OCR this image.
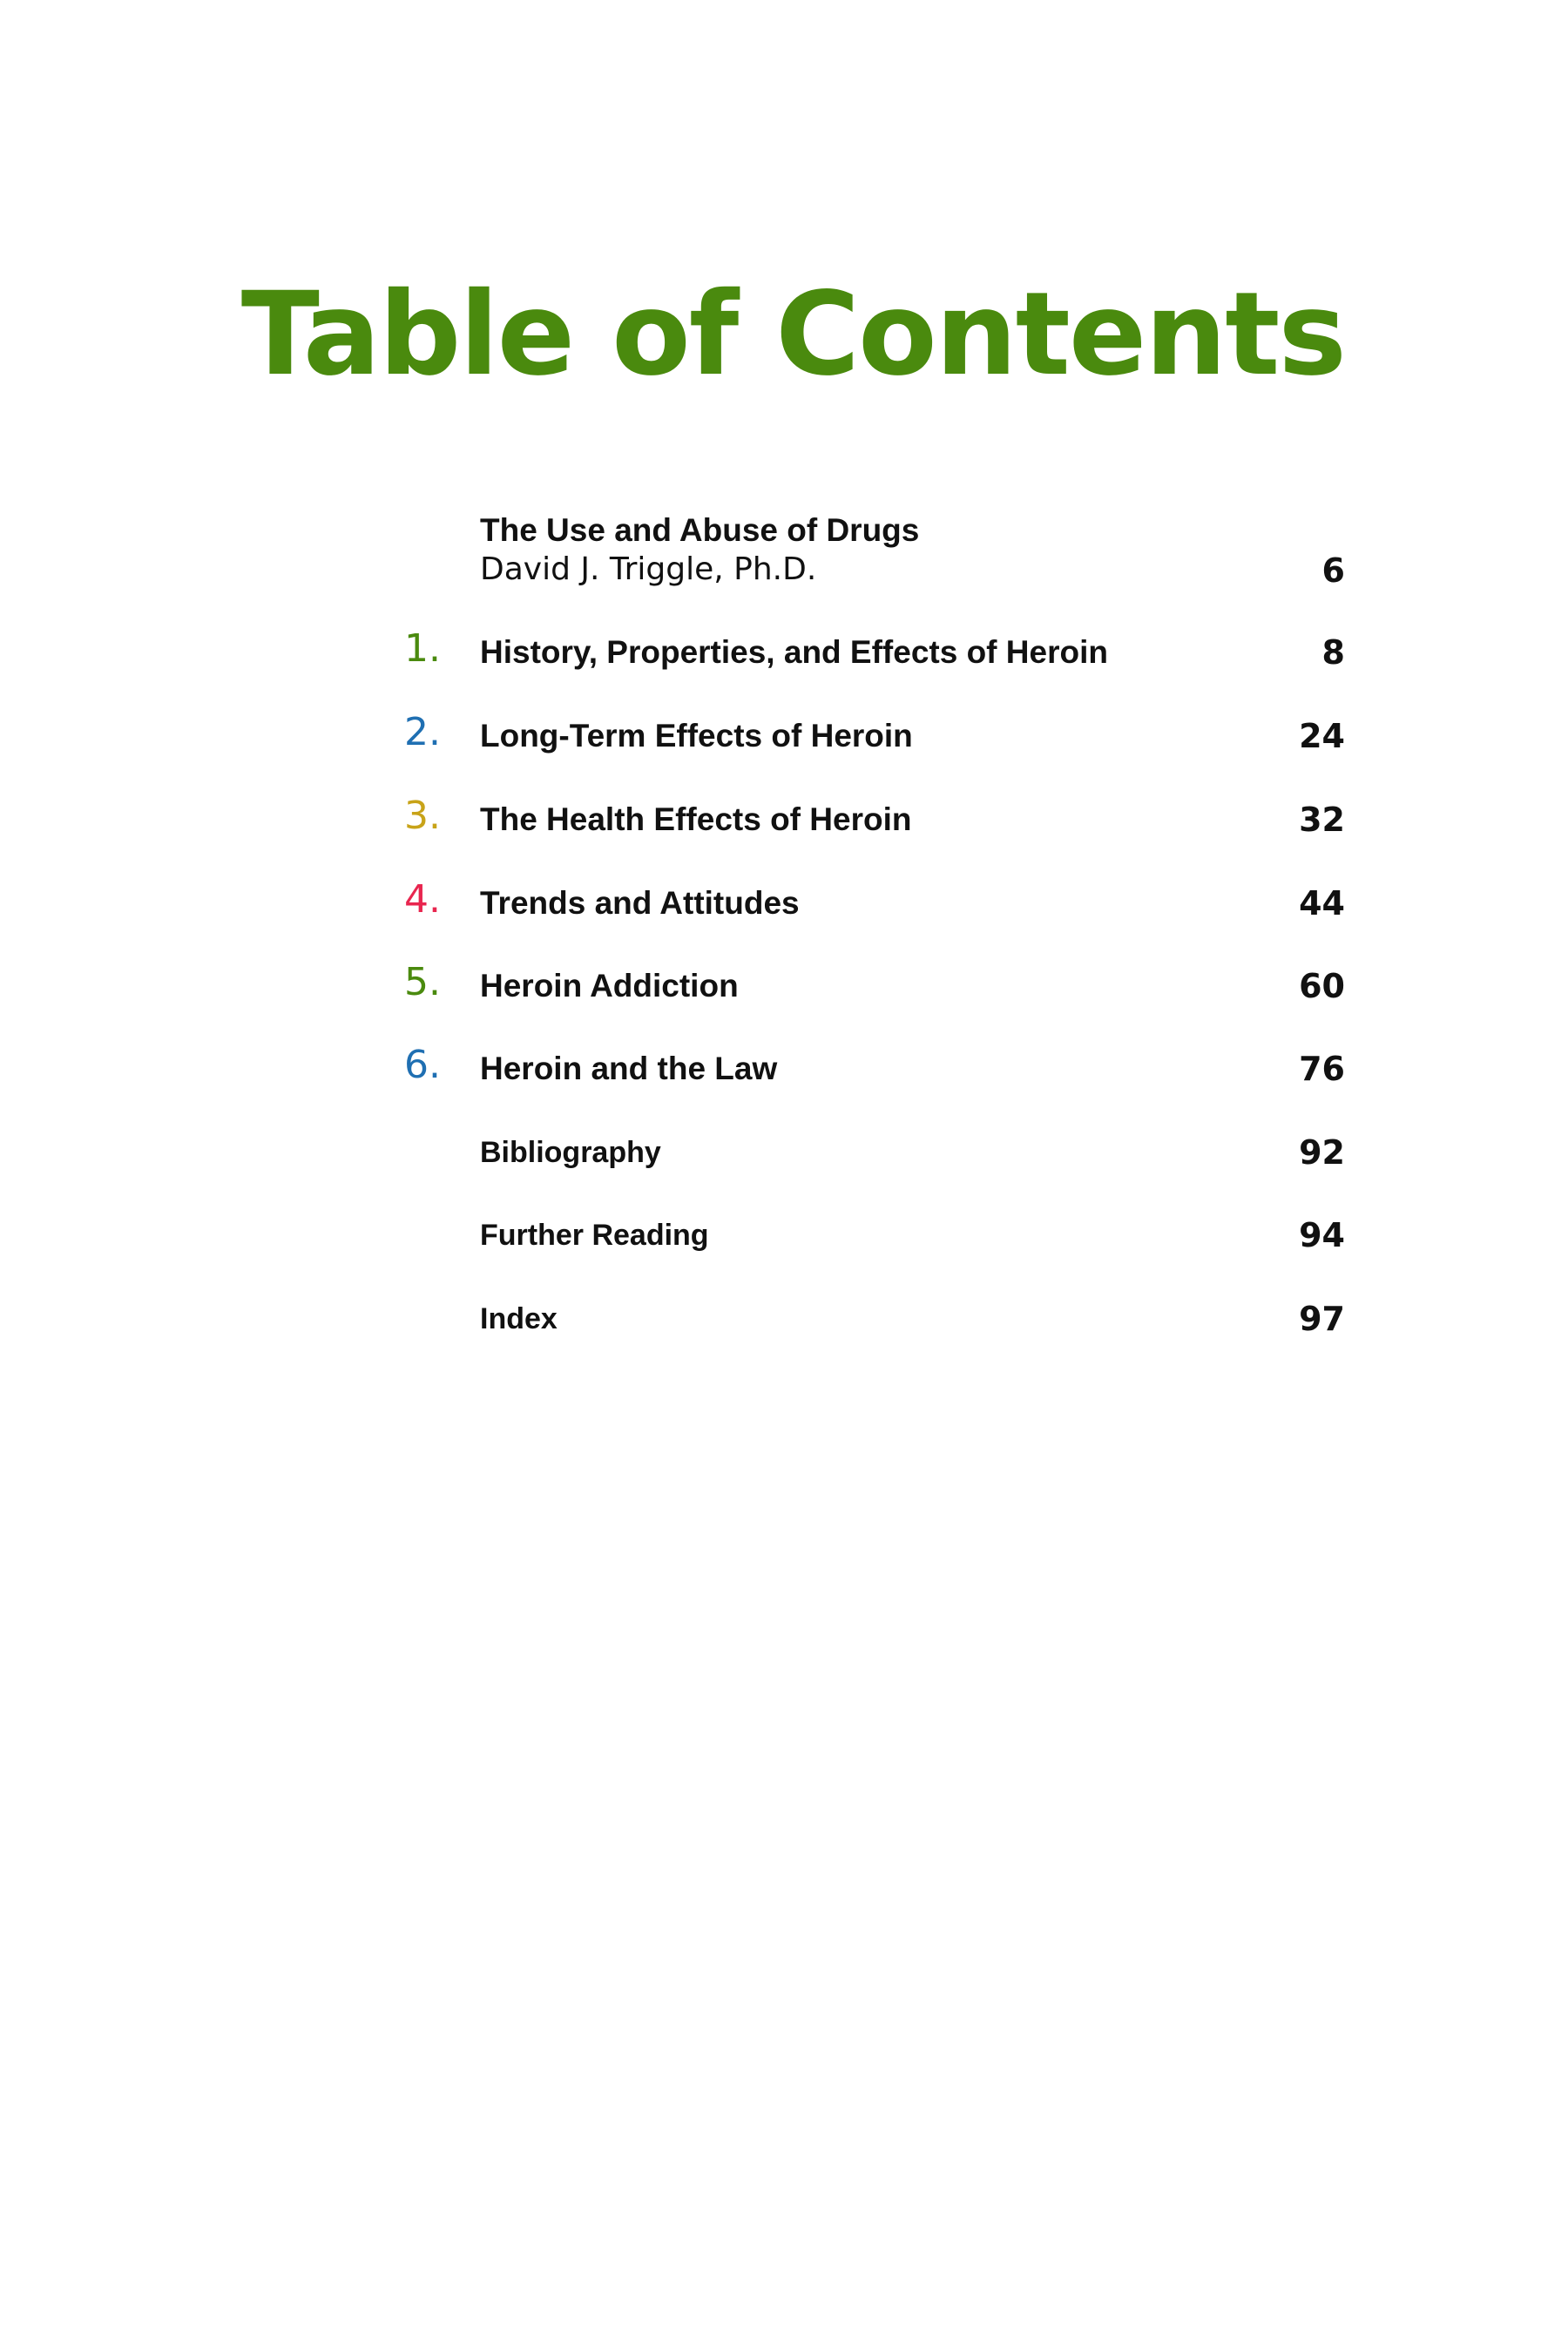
Table of Contents
The Use and Abuse of Drugs
David J. Triggle, Ph.D.	6
1. History, Properties, and Effects of Heroin	8
2. Long-Term Effects of Heroin	24
3. The Health Effects of Heroin	32
4. Trends and Attitudes	44
5. Heroin Addiction	60
6. Heroin and the Law	76
Bibliography	92
Further Reading	94
Index	97
